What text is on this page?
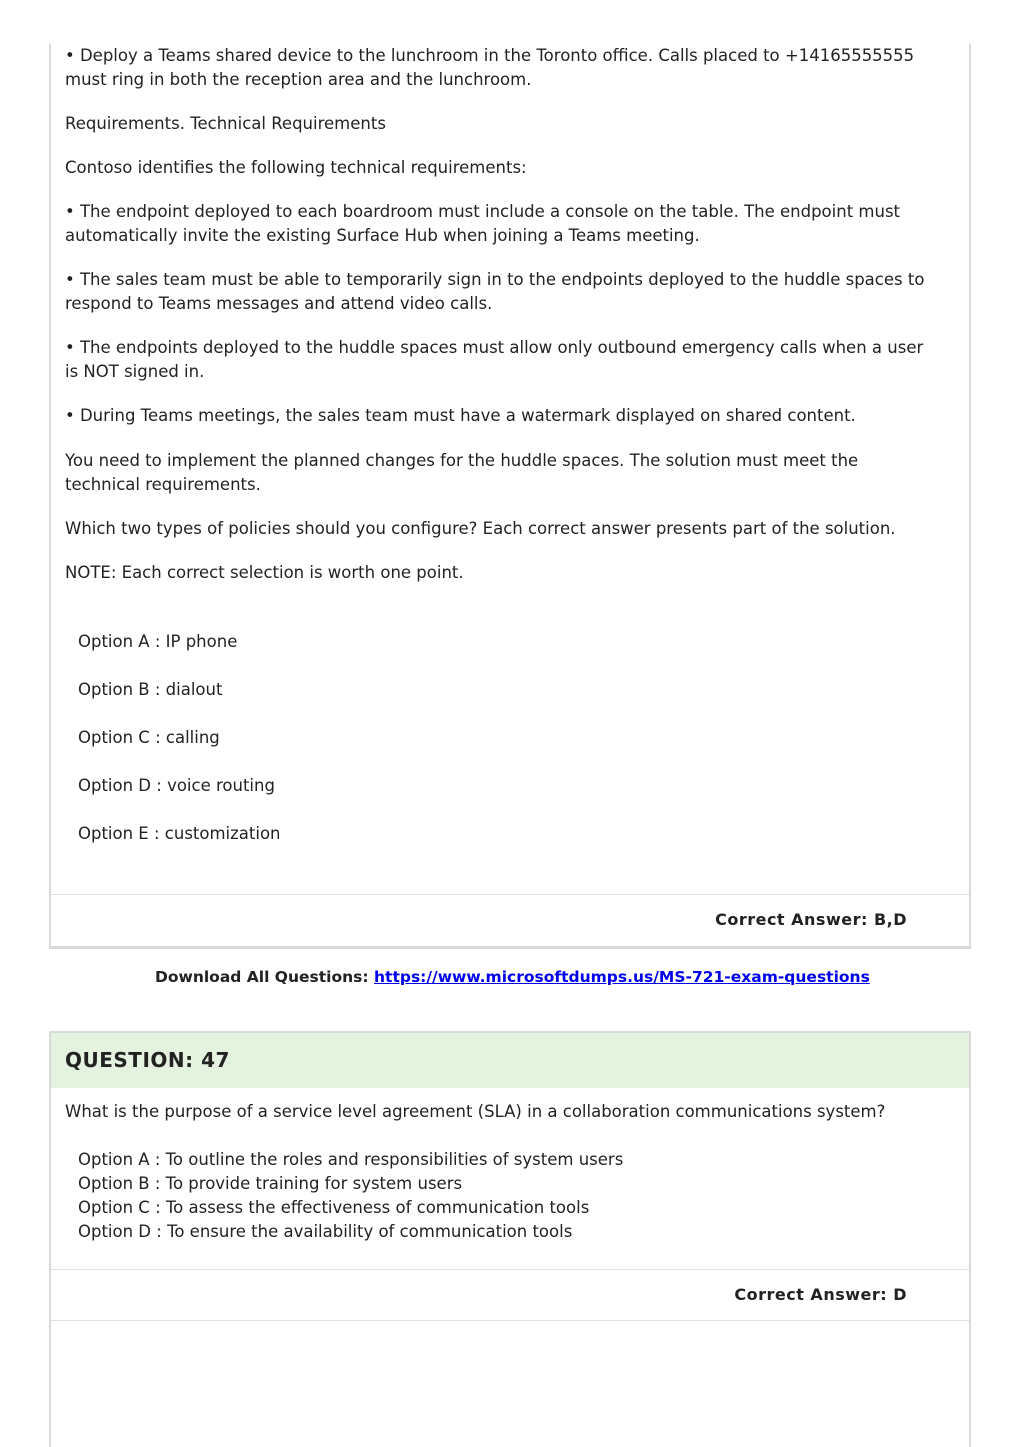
• Deploy a Teams shared device to the lunchroom in the Toronto office. Calls placed to +14165555555 must ring in both the reception area and the lunchroom.

Requirements. Technical Requirements

Contoso identifies the following technical requirements:

• The endpoint deployed to each boardroom must include a console on the table. The endpoint must automatically invite the existing Surface Hub when joining a Teams meeting.

• The sales team must be able to temporarily sign in to the endpoints deployed to the huddle spaces to respond to Teams messages and attend video calls.

• The endpoints deployed to the huddle spaces must allow only outbound emergency calls when a user is NOT signed in.

• During Teams meetings, the sales team must have a watermark displayed on shared content.

You need to implement the planned changes for the huddle spaces. The solution must meet the technical requirements.

Which two types of policies should you configure? Each correct answer presents part of the solution.

NOTE: Each correct selection is worth one point.

Option A : IP phone

Option B : dialout

Option C : calling

Option D : voice routing

Option E : customization

Correct Answer: B,D
Download All Questions: https://www.microsoftdumps.us/MS-721-exam-questions
QUESTION: 47

What is the purpose of a service level agreement (SLA) in a collaboration communications system?

Option A : To outline the roles and responsibilities of system users

Option B : To provide training for system users

Option C : To assess the effectiveness of communication tools

Option D : To ensure the availability of communication tools

Correct Answer: D
